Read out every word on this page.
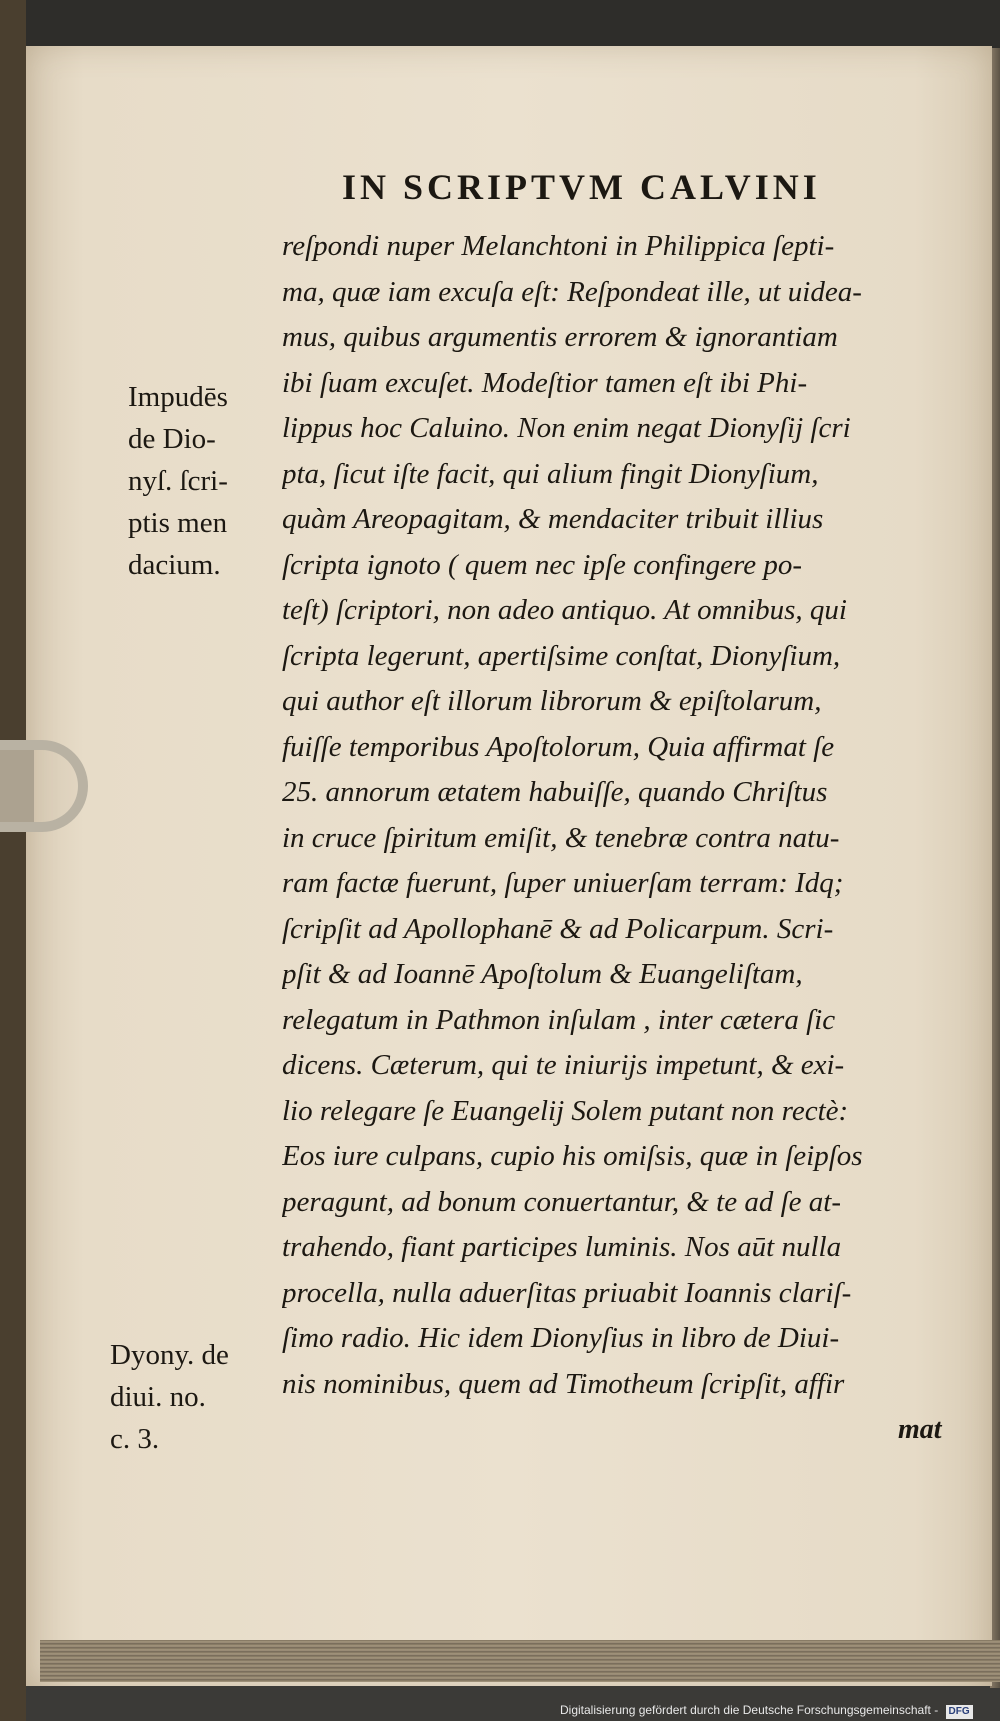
IN SCRIPTVM CALVINI
Impudēs
de Dio-
nyſ. ſcri-
ptis men
dacium.
Dyony. de
diui. no.
c. 3.
reſpondi nuper Melanchtoni in Philippica ſepti-
ma, quæ iam excuſa eſt: Reſpondeat ille, ut uidea-
mus, quibus argumentis errorem & ignorantiam
ibi ſuam excuſet. Modeſtior tamen eſt ibi Phi-
lippus hoc Caluino. Non enim negat Dionyſij ſcri
pta, ſicut iſte facit, qui alium fingit Dionyſium,
quàm Areopagitam, & mendaciter tribuit illius
ſcripta ignoto ( quem nec ipſe confingere po-
teſt) ſcriptori, non adeo antiquo. At omnibus, qui
ſcripta legerunt, apertiſsime conſtat, Dionyſium,
qui author eſt illorum librorum & epiſtolarum,
fuiſſe temporibus Apoſtolorum, Quia affirmat ſe
25. annorum ætatem habuiſſe, quando Chriſtus
in cruce ſpiritum emiſit, & tenebræ contra natu-
ram factæ fuerunt, ſuper uniuerſam terram: Idq;
ſcripſit ad Apollophanē & ad Policarpum. Scri-
pſit & ad Ioannē Apoſtolum & Euangeliſtam,
relegatum in Pathmon inſulam , inter cætera ſic
dicens. Cæterum, qui te iniurijs impetunt, & exi-
lio relegare ſe Euangelij Solem putant non rectè:
Eos iure culpans, cupio his omiſsis, quæ in ſeipſos
peragunt, ad bonum conuertantur, & te ad ſe at-
trahendo, fiant participes luminis. Nos aūt nulla
procella, nulla aduerſitas priuabit Ioannis clariſ-
ſimo radio. Hic idem Dionyſius in libro de Diui-
nis nominibus, quem ad Timotheum ſcripſit, affir
mat
Digitalisierung gefördert durch die Deutsche Forschungsgemeinschaft - DFG
